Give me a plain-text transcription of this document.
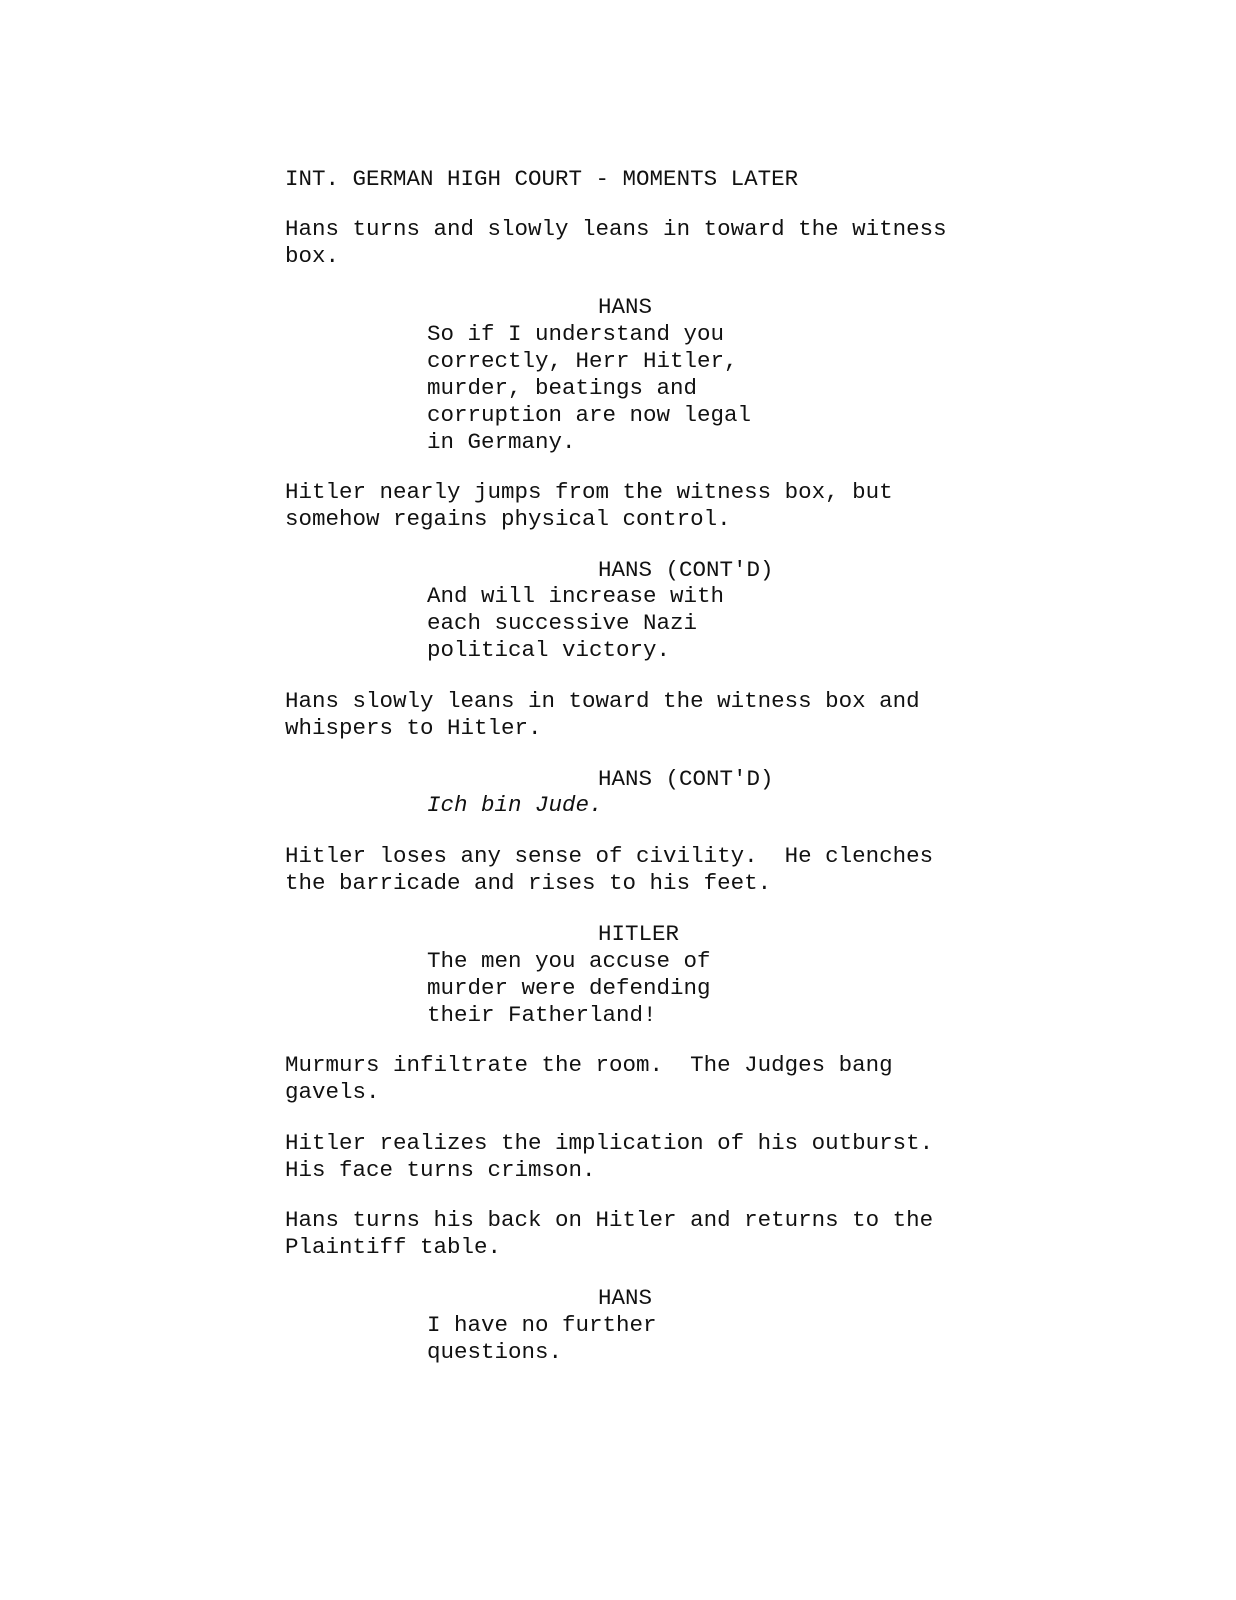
INT. GERMAN HIGH COURT - MOMENTS LATER
Hans turns and slowly leans in toward the witness
box.
HANS
So if I understand you
correctly, Herr Hitler,
murder, beatings and
corruption are now legal
in Germany.
Hitler nearly jumps from the witness box, but
somehow regains physical control.
HANS (CONT'D)
And will increase with
each successive Nazi
political victory.
Hans slowly leans in toward the witness box and
whispers to Hitler.
HANS (CONT'D)
Ich bin Jude.
Hitler loses any sense of civility.  He clenches
the barricade and rises to his feet.
HITLER
The men you accuse of
murder were defending
their Fatherland!
Murmurs infiltrate the room.  The Judges bang
gavels.
Hitler realizes the implication of his outburst.
His face turns crimson.
Hans turns his back on Hitler and returns to the
Plaintiff table.
HANS
I have no further
questions.
